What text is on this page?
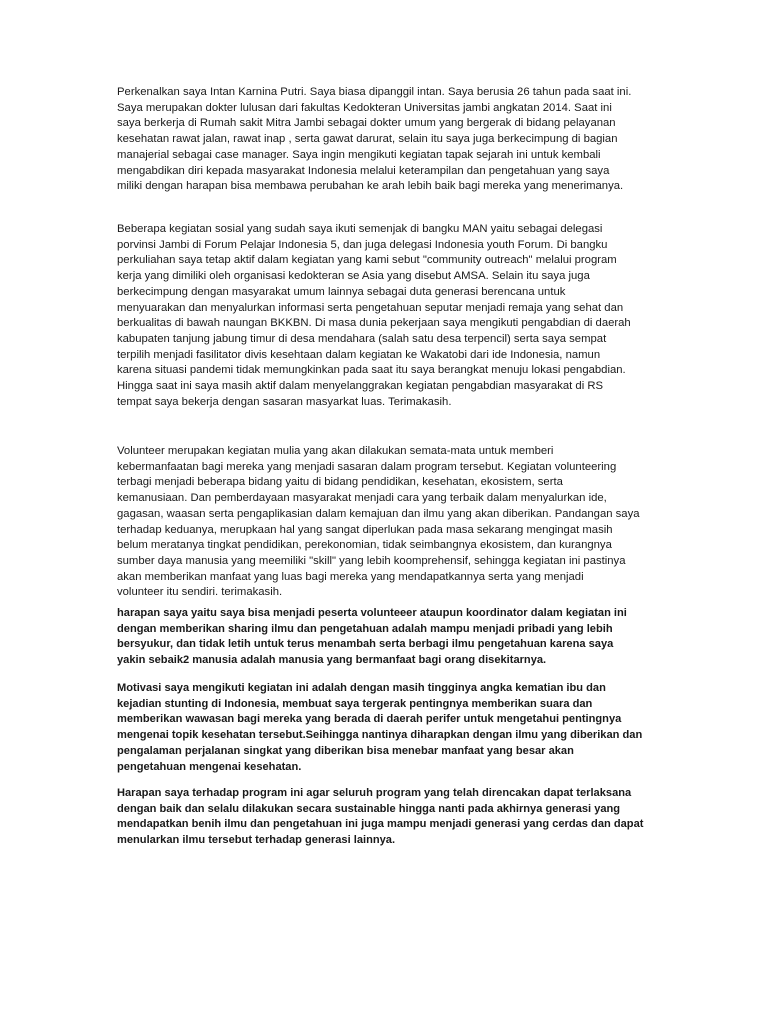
Perkenalkan saya Intan Karnina Putri. Saya biasa dipanggil intan. Saya berusia 26 tahun pada saat ini.
Saya merupakan dokter lulusan dari fakultas Kedokteran Universitas jambi angkatan 2014. Saat ini
saya berkerja di Rumah sakit Mitra Jambi sebagai dokter umum yang bergerak di bidang pelayanan
kesehatan rawat jalan, rawat inap , serta gawat darurat, selain itu saya juga berkecimpung di bagian
manajerial sebagai case manager. Saya ingin mengikuti kegiatan tapak sejarah ini untuk kembali
mengabdikan diri kepada masyarakat Indonesia melalui keterampilan dan pengetahuan yang saya
miliki dengan harapan bisa membawa perubahan ke arah lebih baik bagi mereka yang menerimanya.

Beberapa kegiatan sosial yang sudah saya ikuti semenjak di bangku MAN yaitu sebagai delegasi
porvinsi Jambi di Forum Pelajar Indonesia 5, dan juga delegasi Indonesia youth Forum. Di bangku
perkuliahan saya tetap aktif dalam kegiatan yang kami sebut "community outreach" melalui program
kerja yang dimiliki oleh organisasi kedokteran se Asia yang disebut AMSA. Selain itu saya juga
berkecimpung dengan masyarakat umum lainnya sebagai duta generasi berencana untuk
menyuarakan dan menyalurkan informasi serta pengetahuan seputar menjadi remaja yang sehat dan
berkualitas di bawah naungan BKKBN. Di masa dunia pekerjaan saya mengikuti pengabdian di daerah
kabupaten tanjung jabung timur di desa mendahara (salah satu desa terpencil) serta saya sempat
terpilih menjadi fasilitator divis kesehtaan dalam kegiatan ke Wakatobi dari ide Indonesia, namun
karena situasi pandemi tidak memungkinkan pada saat itu saya berangkat menuju lokasi pengabdian.
Hingga saat ini saya masih aktif dalam menyelanggrakan kegiatan pengabdian masyarakat di RS
tempat saya bekerja dengan sasaran masyarkat luas. Terimakasih.

Volunteer merupakan kegiatan mulia yang akan dilakukan semata-mata untuk memberi
kebermanfaatan bagi mereka yang menjadi sasaran dalam program tersebut. Kegiatan volunteering
terbagi menjadi beberapa bidang yaitu di bidang pendidikan, kesehatan, ekosistem, serta
kemanusiaan. Dan pemberdayaan masyarakat menjadi cara yang terbaik dalam menyalurkan ide,
gagasan, waasan serta pengaplikasian dalam kemajuan dan ilmu yang akan diberikan. Pandangan saya
terhadap keduanya, merupkaan hal yang sangat diperlukan pada masa sekarang mengingat masih
belum meratanya tingkat pendidikan, perekonomian, tidak seimbangnya ekosistem, dan kurangnya
sumber daya manusia yang meemiliki "skill" yang lebih koomprehensif, sehingga kegiatan ini pastinya
akan memberikan manfaat yang luas bagi mereka yang mendapatkannya serta yang menjadi
volunteer itu sendiri. terimakasih.

harapan saya yaitu saya bisa menjadi peserta volunteeer ataupun koordinator dalam kegiatan ini
dengan memberikan sharing ilmu dan pengetahuan adalah mampu menjadi pribadi yang lebih
bersyukur, dan tidak letih untuk terus menambah serta berbagi ilmu pengetahuan karena saya
yakin sebaik2 manusia adalah manusia yang bermanfaat bagi orang disekitarnya.

Motivasi saya mengikuti kegiatan ini adalah dengan masih tingginya angka kematian ibu dan
kejadian stunting di Indonesia, membuat saya tergerak pentingnya memberikan suara dan
memberikan wawasan bagi mereka yang berada di daerah perifer untuk mengetahui pentingnya
mengenai topik kesehatan tersebut.Seihingga nantinya diharapkan dengan ilmu yang diberikan dan
pengalaman perjalanan singkat yang diberikan bisa menebar manfaat yang besar akan
pengetahuan mengenai kesehatan.

Harapan saya terhadap program ini agar seluruh program yang telah direncakan dapat terlaksana
dengan baik dan selalu dilakukan secara sustainable hingga nanti pada akhirnya generasi yang
mendapatkan benih ilmu dan pengetahuan ini juga mampu menjadi generasi yang cerdas dan dapat
menularkan ilmu tersebut terhadap generasi lainnya.
